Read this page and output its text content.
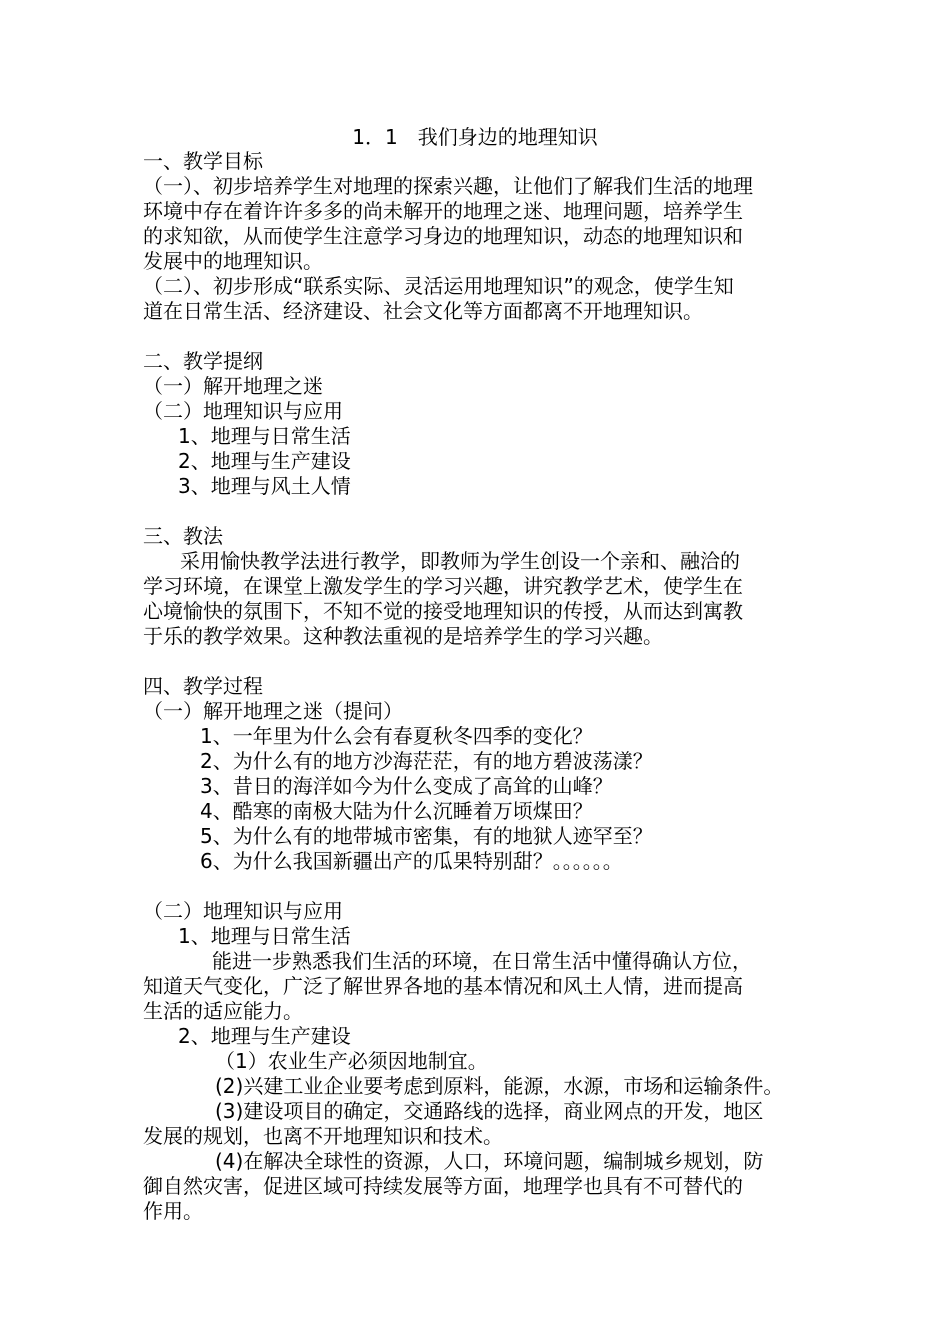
1．1　我们身边的地理知识
一、教学目标
（一）、初步培养学生对地理的探索兴趣，让他们了解我们生活的地理
环境中存在着许许多多的尚未解开的地理之迷、地理问题，培养学生
的求知欲，从而使学生注意学习身边的地理知识，动态的地理知识和
发展中的地理知识。
（二）、初步形成“联系实际、灵活运用地理知识”的观念，使学生知
道在日常生活、经济建设、社会文化等方面都离不开地理知识。
二、教学提纲
（一）解开地理之迷
（二）地理知识与应用
1、地理与日常生活
2、地理与生产建设
3、地理与风土人情
三、教法
采用愉快教学法进行教学，即教师为学生创设一个亲和、融洽的
学习环境，在课堂上激发学生的学习兴趣，讲究教学艺术，使学生在
心境愉快的氛围下，不知不觉的接受地理知识的传授，从而达到寓教
于乐的教学效果。这种教法重视的是培养学生的学习兴趣。
四、教学过程
（一）解开地理之迷（提问）
1、一年里为什么会有春夏秋冬四季的变化？
2、为什么有的地方沙海茫茫，有的地方碧波荡漾？
3、昔日的海洋如今为什么变成了高耸的山峰？
4、酷寒的南极大陆为什么沉睡着万顷煤田？
5、为什么有的地带城市密集，有的地狱人迹罕至？
6、为什么我国新疆出产的瓜果特别甜？。。。。。。
（二）地理知识与应用
1、地理与日常生活
能进一步熟悉我们生活的环境，在日常生活中懂得确认方位，
知道天气变化，广泛了解世界各地的基本情况和风土人情，进而提高
生活的适应能力。
2、地理与生产建设
（1）农业生产必须因地制宜。
(2)兴建工业企业要考虑到原料，能源，水源，市场和运输条件。
(3)建设项目的确定，交通路线的选择，商业网点的开发，地区
发展的规划，也离不开地理知识和技术。
(4)在解决全球性的资源，人口，环境问题，编制城乡规划，防
御自然灾害，促进区域可持续发展等方面，地理学也具有不可替代的
作用。
